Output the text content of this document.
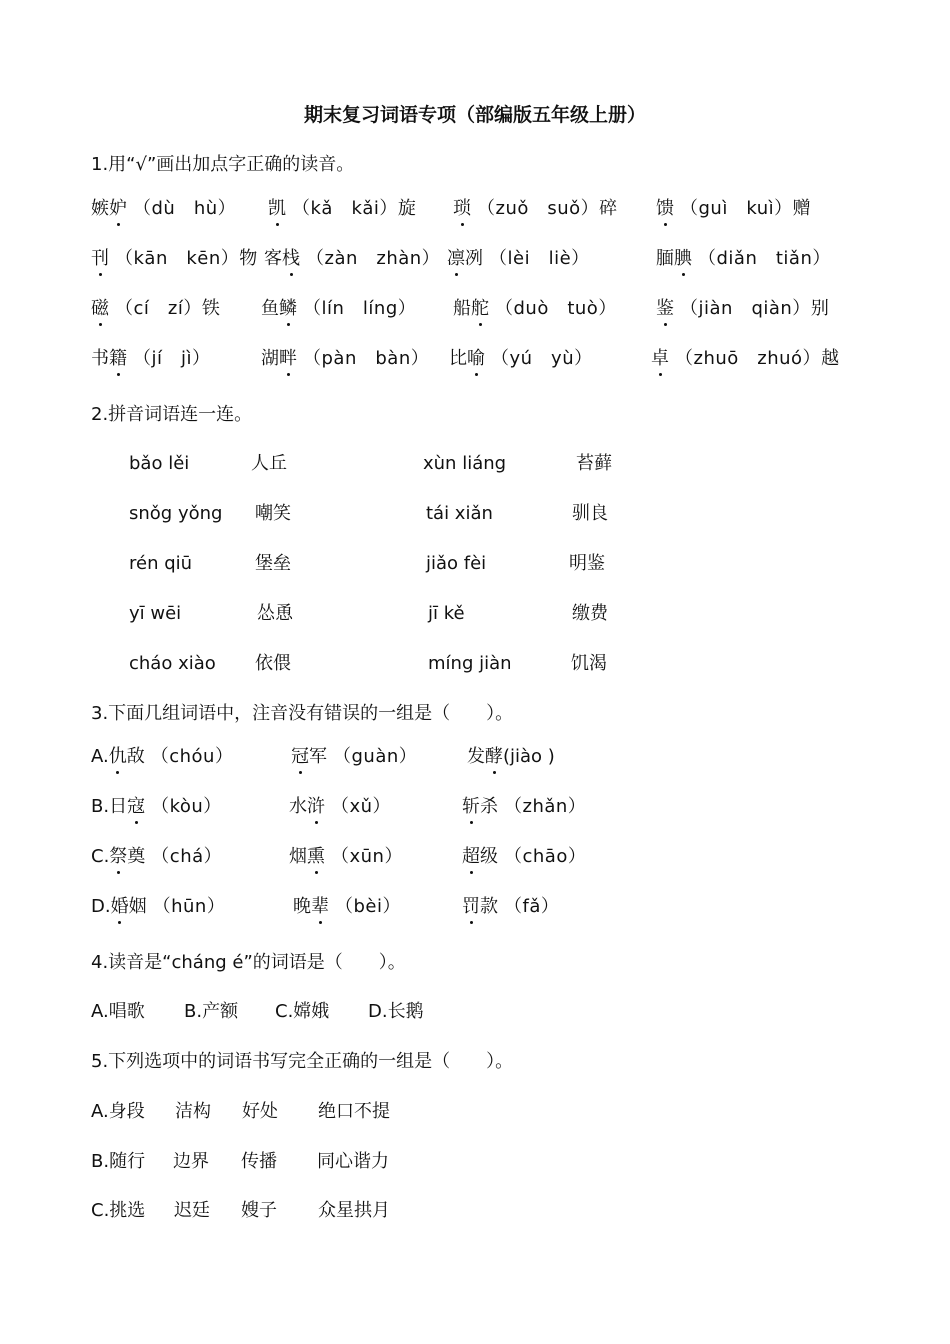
期末复习词语专项（部编版五年级上册）
1.用“√”画出加点字正确的读音。
嫉妒 （dù　hù） 凯 （kǎ　kǎi）旋 琐 （zuǒ　suǒ）碎 馈 （guì　kuì）赠
刊 （kān　kēn）物 客栈 （zàn　zhàn） 凛冽 （lèi　liè）	腼腆 （diǎn　tiǎn）
磁 （cí　zí）铁 鱼鳞 （lín　líng） 船舵 （duò　tuò） 鉴 （jiàn　qiàn）别
书籍 （jí　jì）	湖畔 （pàn　bàn） 比喻 （yú　yù）	卓 （zhuō　zhuó）越
2.拼音词语连一连。
bǎo lěi	人丘	xùn liáng	苔藓
snǒg yǒng 嘲笑	tái xiǎn	驯良
rén qiū	堡垒	jiǎo fèi	明鉴
yī wēi	怂恿	jī kě	缴费
cháo xiào 依偎	míng jiàn	饥渴
3.下面几组词语中，注音没有错误的一组是（　　）。
A.仇敌 （chóu）	冠军 （guàn）	发酵(jiào )
B.日寇 （kòu）	水浒 （xǔ）	斩杀 （zhǎn）
C.祭奠 （chá）	烟熏 （xūn）	超级 （chāo）
D.婚姻 （hūn）	晚辈 （bèi）	罚款 （fǎ）
4.读音是“cháng é”的词语是（　　）。
A.唱歌 B.产额 C.嫦娥 D.长鹅
5.下列选项中的词语书写完全正确的一组是（　　）。
A.身段 洁构 好处 绝口不提
B.随行 边界 传播 同心谐力
C.挑选 迟廷 嫂子 众星拱月
